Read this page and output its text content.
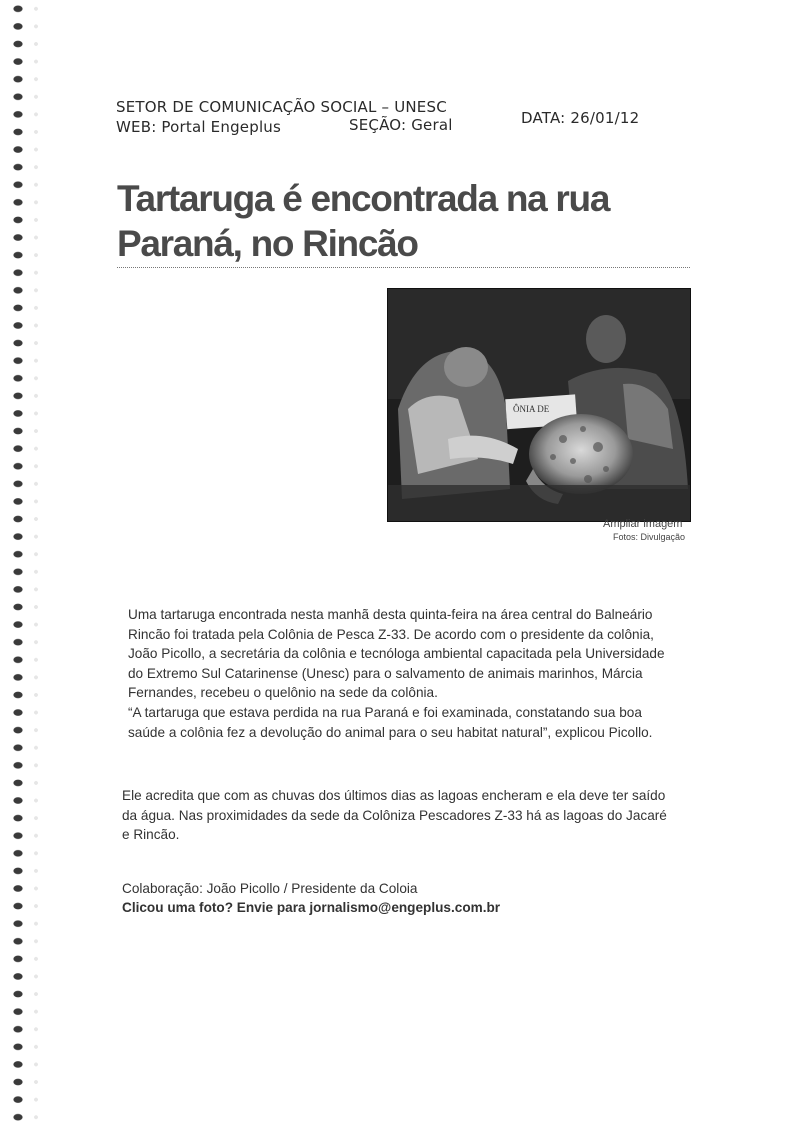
SETOR DE COMUNICAÇÃO SOCIAL – UNESC
WEB: Portal Engeplus	SEÇÃO: Geral	DATA: 26/01/12
Tartaruga é encontrada na rua Paraná, no Rincão
ÔNIA DE
Ampliar imagem
Fotos: Divulgação
Uma tartaruga encontrada nesta manhã desta quinta-feira na área central do Balneário
Rincão foi tratada pela Colônia de Pesca Z-33. De acordo com o presidente da colônia,
João Picollo, a secretária da colônia e tecnóloga ambiental capacitada pela Universidade
do Extremo Sul Catarinense (Unesc) para o salvamento de animais marinhos, Márcia
Fernandes, recebeu o quelônio na sede da colônia.
“A tartaruga que estava perdida na rua Paraná e foi examinada, constatando sua boa
saúde a colônia fez a devolução do animal para o seu habitat natural”, explicou Picollo.
Ele acredita que com as chuvas dos últimos dias as lagoas encheram e ela deve ter saído
da água. Nas proximidades da sede da Colôniza Pescadores Z-33 há as lagoas do Jacaré
e Rincão.
Colaboração: João Picollo / Presidente da Coloia
Clicou uma foto? Envie para jornalismo@engeplus.com.br
